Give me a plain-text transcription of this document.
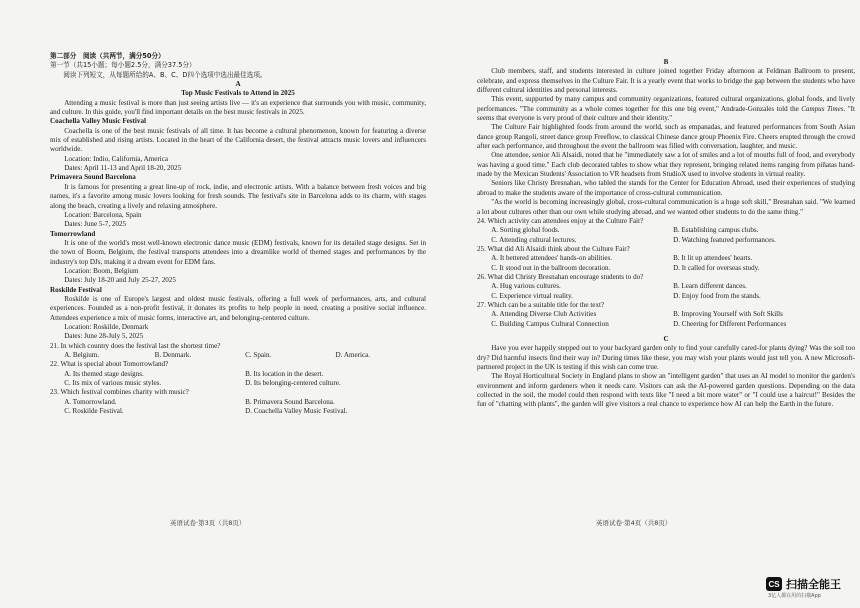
第二部分　阅读（共两节，满分50分）

第一节（共15小题；每小题2.5分，满分37.5分）

阅读下列短文，从每题所给的A、B、C、D四个选项中选出最佳选项。

A

Top Music Festivals to Attend in 2025

Attending a music festival is more than just seeing artists live — it's an experience that surrounds you with music, community, and culture. In this guide, you'll find important details on the best music festivals in 2025.

Coachella Valley Music Festival

Coachella is one of the best music festivals of all time. It has become a cultural phenomenon, known for featuring a diverse mix of established and rising artists. Located in the heart of the California desert, the festival attracts music lovers and influencers worldwide.

Location: Indio, California, America

Dates: April 11-13 and April 18-20, 2025

Primavera Sound Barcelona

It is famous for presenting a great line-up of rock, indie, and electronic artists. With a balance between fresh voices and big names, it's a favorite among music lovers looking for fresh sounds. The festival's site in Barcelona adds to its charm, with stages along the beach, creating a lively and relaxing atmosphere.

Location: Barcelona, Spain

Dates: June 5-7, 2025

Tomorrowland

It is one of the world's most well-known electronic dance music (EDM) festivals, known for its detailed stage designs. Set in the town of Boom, Belgium, the festival transports attendees into a dreamlike world of themed stages and performances by the industry's top DJs, making it a dream event for EDM fans.

Location: Boom, Belgium

Dates: July 18-20 and July 25-27, 2025

Roskilde Festival

Roskilde is one of Europe's largest and oldest music festivals, offering a full week of performances, arts, and cultural experiences. Founded as a non-profit festival, it donates its profits to help people in need, creating a positive social influence. Attendees experience a mix of music forms, interactive art, and belonging-centered culture.

Location: Roskilde, Denmark

Dates: June 28-July 5, 2025

21. In which country does the festival last the shortest time?

A. Belgium.	B. Denmark.	C. Spain.	D. America.

22. What is special about Tomorrowland?

A. Its themed stage designs.	B. Its location in the desert.
C. Its mix of various music styles.	D. Its belonging-centered culture.

23. Which festival combines charity with music?

A. Tomorrowland.	B. Primavera Sound Barcelona.
C. Roskilde Festival.	D. Coachella Valley Music Festival.
英语试卷·第3页（共8页）

B

Club members, staff, and students interested in culture joined together Friday afternoon at Feldman Ballroom to present, celebrate, and express themselves in the Culture Fair. It is a yearly event that works to bridge the gap between the students who have different cultural identities and personal interests.

This event, supported by many campus and community organizations, featured cultural organizations, global foods, and lively performances. "The community as a whole comes together for this one big event," Andrade-Gonzales told the Campus Times. "It seems that everyone is very proud of their culture and their identity."

The Culture Fair highlighted foods from around the world, such as empanadas, and featured performances from South Asian dance group Rangoli, street dance group Freeflow, to classical Chinese dance group Phoenix Fire. Cheers erupted through the crowd after each performance, and throughout the event the ballroom was filled with conversation, laughter, and music.

One attendee, senior Ali Alsaidi, noted that he "immediately saw a lot of smiles and a lot of mouths full of food, and everybody was having a good time." Each club decorated tables to show what they represent, bringing related items ranging from piñatas hand-made by the Mexican Students' Association to VR headsets from StudioX used to involve students in virtual reality.

Seniors like Christy Bresnahan, who tabled the stands for the Center for Education Abroad, used their experiences of studying abroad to make the students aware of the importance of cross-cultural communication.

"As the world is becoming increasingly global, cross-cultural communication is a huge soft skill," Bresnahan said. "We learned a lot about cultures other than our own while studying abroad, and we wanted other students to do the same thing."

24. Which activity can attendees enjoy at the Culture Fair?

A. Sorting global foods.	B. Establishing campus clubs.
C. Attending cultural lectures.	D. Watching featured performances.

25. What did Ali Alsaidi think about the Culture Fair?

A. It bettered attendees' hands-on abilities.	B. It lit up attendees' hearts.
C. It stood out in the ballroom decoration.	D. It called for overseas study.

26. What did Christy Bresnahan encourage students to do?

A. Hug various cultures.	B. Learn different dances.
C. Experience virtual reality.	D. Enjoy food from the stands.

27. Which can be a suitable title for the text?

A. Attending Diverse Club Activities	B. Improving Yourself with Soft Skills
C. Building Campus Cultural Connection	D. Cheering for Different Performances

C

Have you ever happily stepped out to your backyard garden only to find your carefully cared-for plants dying? Was the soil too dry? Did harmful insects find their way in? During times like these, you may wish your plants would just tell you. A new Microsoft-partnered project in the UK is testing if this wish can come true.

The Royal Horticultural Society in England plans to show an "intelligent garden" that uses an AI model to monitor the garden's environment and inform gardeners when it needs care. Visitors can ask the AI-powered garden questions. Depending on the data collected in the soil, the model could then respond with texts like "I need a bit more water" or "I could use a haircut!" Besides the fun of "chatting with plants", the garden will give visitors a real chance to experience how AI can help the Earth in the future.

英语试卷·第4页（共8页）
CS 扫描全能王
3亿人都在用的扫描App
